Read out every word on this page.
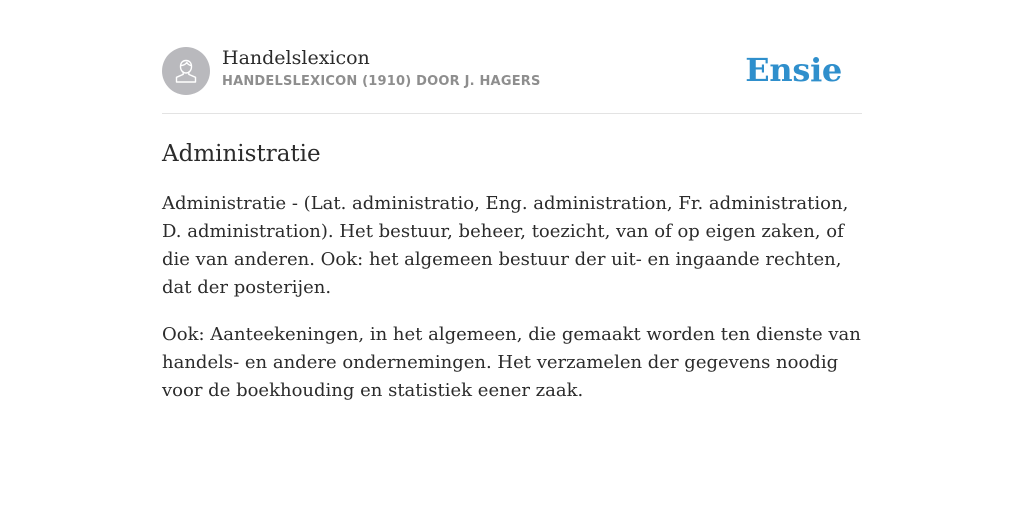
Handelslexicon
HANDELSLEXICON (1910) DOOR J. HAGERS	Ensie
Administratie

Administratie - (Lat. administratio, Eng. administration, Fr. administration, D. administration). Het bestuur, beheer, toezicht, van of op eigen zaken, of die van anderen. Ook: het algemeen bestuur der uit- en ingaande rechten, dat der posterijen.

Ook: Aanteekeningen, in het algemeen, die gemaakt worden ten dienste van handels- en andere ondernemingen. Het verzamelen der gegevens noodig voor de boekhouding en statistiek eener zaak.
